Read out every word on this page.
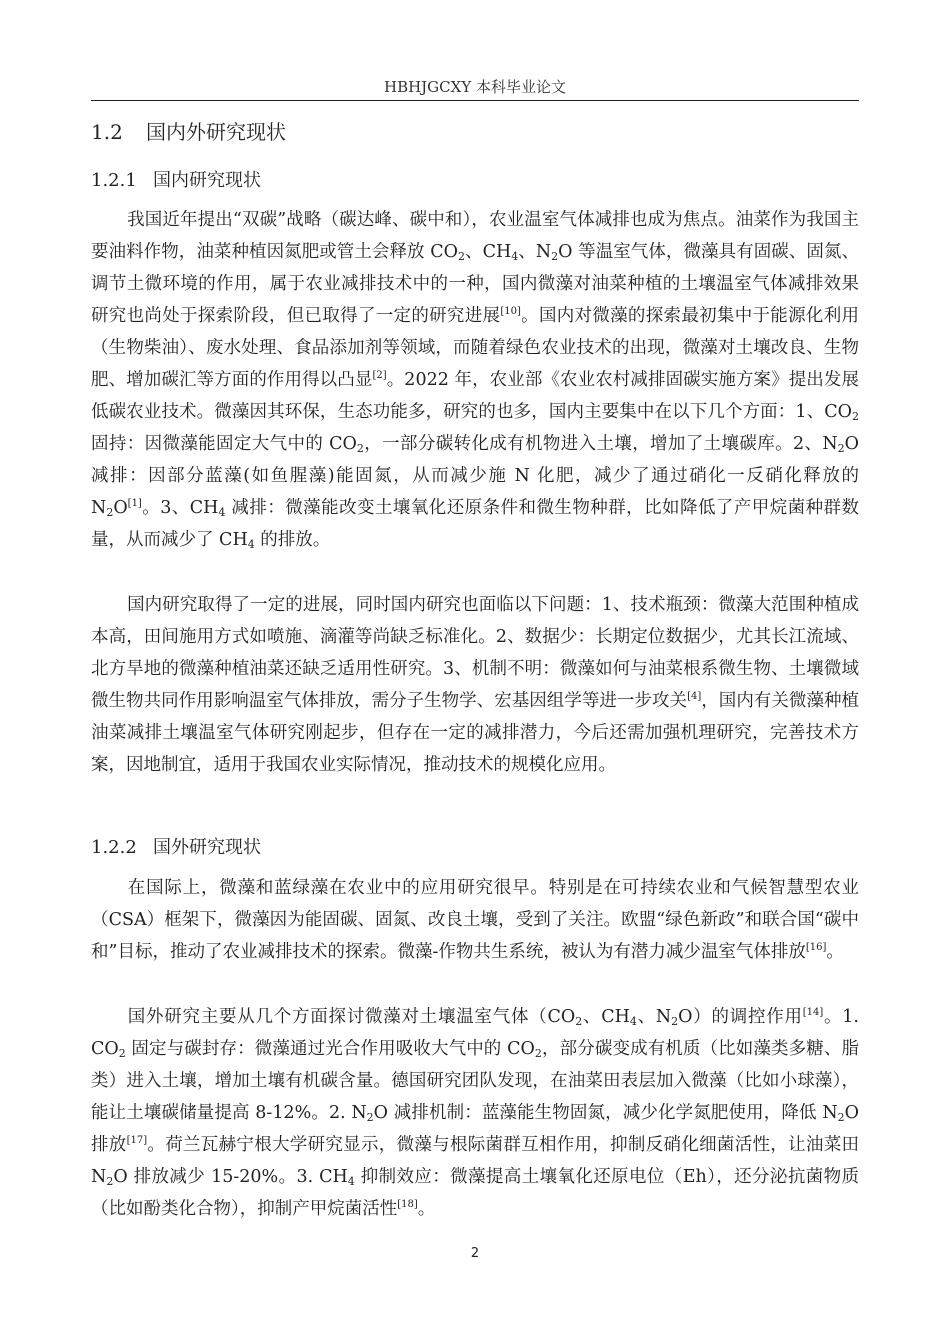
HBHJGCXY 本科毕业论文
1.2 国内外研究现状
1.2.1 国内研究现状

我国近年提出“双碳”战略（碳达峰、碳中和），农业温室气体减排也成为焦点。油菜作为我国主要油料作物，油菜种植因氮肥或管土会释放 $CO_2$、$CH_4$、$N_2O$ 等温室气体，微藻具有固碳、固氮、调节土微环境的作用，属于农业减排技术中的一种，国内微藻对油菜种植的土壤温室气体减排效果研究也尚处于探索阶段，但已取得了一定的研究进展[10]。国内对微藻的探索最初集中于能源化利用（生物柴油）、废水处理、食品添加剂等领域，而随着绿色农业技术的出现，微藻对土壤改良、生物肥、增加碳汇等方面的作用得以凸显[2]。2022 年，农业部《农业农村减排固碳实施方案》提出发展低碳农业技术。微藻因其环保，生态功能多，研究的也多，国内主要集中在以下几个方面：1、$CO_2$ 固持：因微藻能固定大气中的 $CO_2$，一部分碳转化成有机物进入土壤，增加了土壤碳库。2、$N_2O$ 减排：因部分蓝藻(如鱼腥藻)能固氮，从而减少施 N 化肥，减少了通过硝化一反硝化释放的 $N_2O[1]$。3、$CH_4$ 减排：微藻能改变土壤氧化还原条件和微生物种群，比如降低了产甲烷菌种群数量，从而减少了 $CH_4$ 的排放。

国内研究取得了一定的进展，同时国内研究也面临以下问题：1、技术瓶颈：微藻大范围种植成本高，田间施用方式如喷施、滴灌等尚缺乏标准化。2、数据少：长期定位数据少，尤其长江流域、北方旱地的微藻种植油菜还缺乏适用性研究。3、机制不明：微藻如何与油菜根系微生物、土壤微域微生物共同作用影响温室气体排放，需分子生物学、宏基因组学等进一步攻关[4]，国内有关微藻种植油菜减排土壤温室气体研究刚起步，但存在一定的减排潜力，今后还需加强机理研究，完善技术方案，因地制宜，适用于我国农业实际情况，推动技术的规模化应用。

1.2.2 国外研究现状

在国际上，微藻和蓝绿藻在农业中的应用研究很早。特别是在可持续农业和气候智慧型农业（CSA）框架下，微藻因为能固碳、固氮、改良土壤，受到了关注。欧盟“绿色新政”和联合国“碳中和”目标，推动了农业减排技术的探索。微藻-作物共生系统，被认为有潜力减少温室气体排放[16]。

国外研究主要从几个方面探讨微藻对土壤温室气体（$CO_2$、$CH_4$、$N_2O$）的调控作用[14]。1. $CO_2$ 固定与碳封存：微藻通过光合作用吸收大气中的 $CO_2$，部分碳变成有机质（比如藻类多糖、脂类）进入土壤，增加土壤有机碳含量。德国研究团队发现，在油菜田表层加入微藻（比如小球藻），能让土壤碳储量提高 8-12%。2. $N_2O$ 减排机制：蓝藻能生物固氮，减少化学氮肥使用，降低 $N_2O$ 排放[17]。荷兰瓦赫宁根大学研究显示，微藻与根际菌群互相作用，抑制反硝化细菌活性，让油菜田 $N_2O$ 排放减少 15-20%。3. $CH_4$ 抑制效应：微藻提高土壤氧化还原电位（Eh），还分泌抗菌物质（比如酚类化合物），抑制产甲烷菌活性[18]。

2
